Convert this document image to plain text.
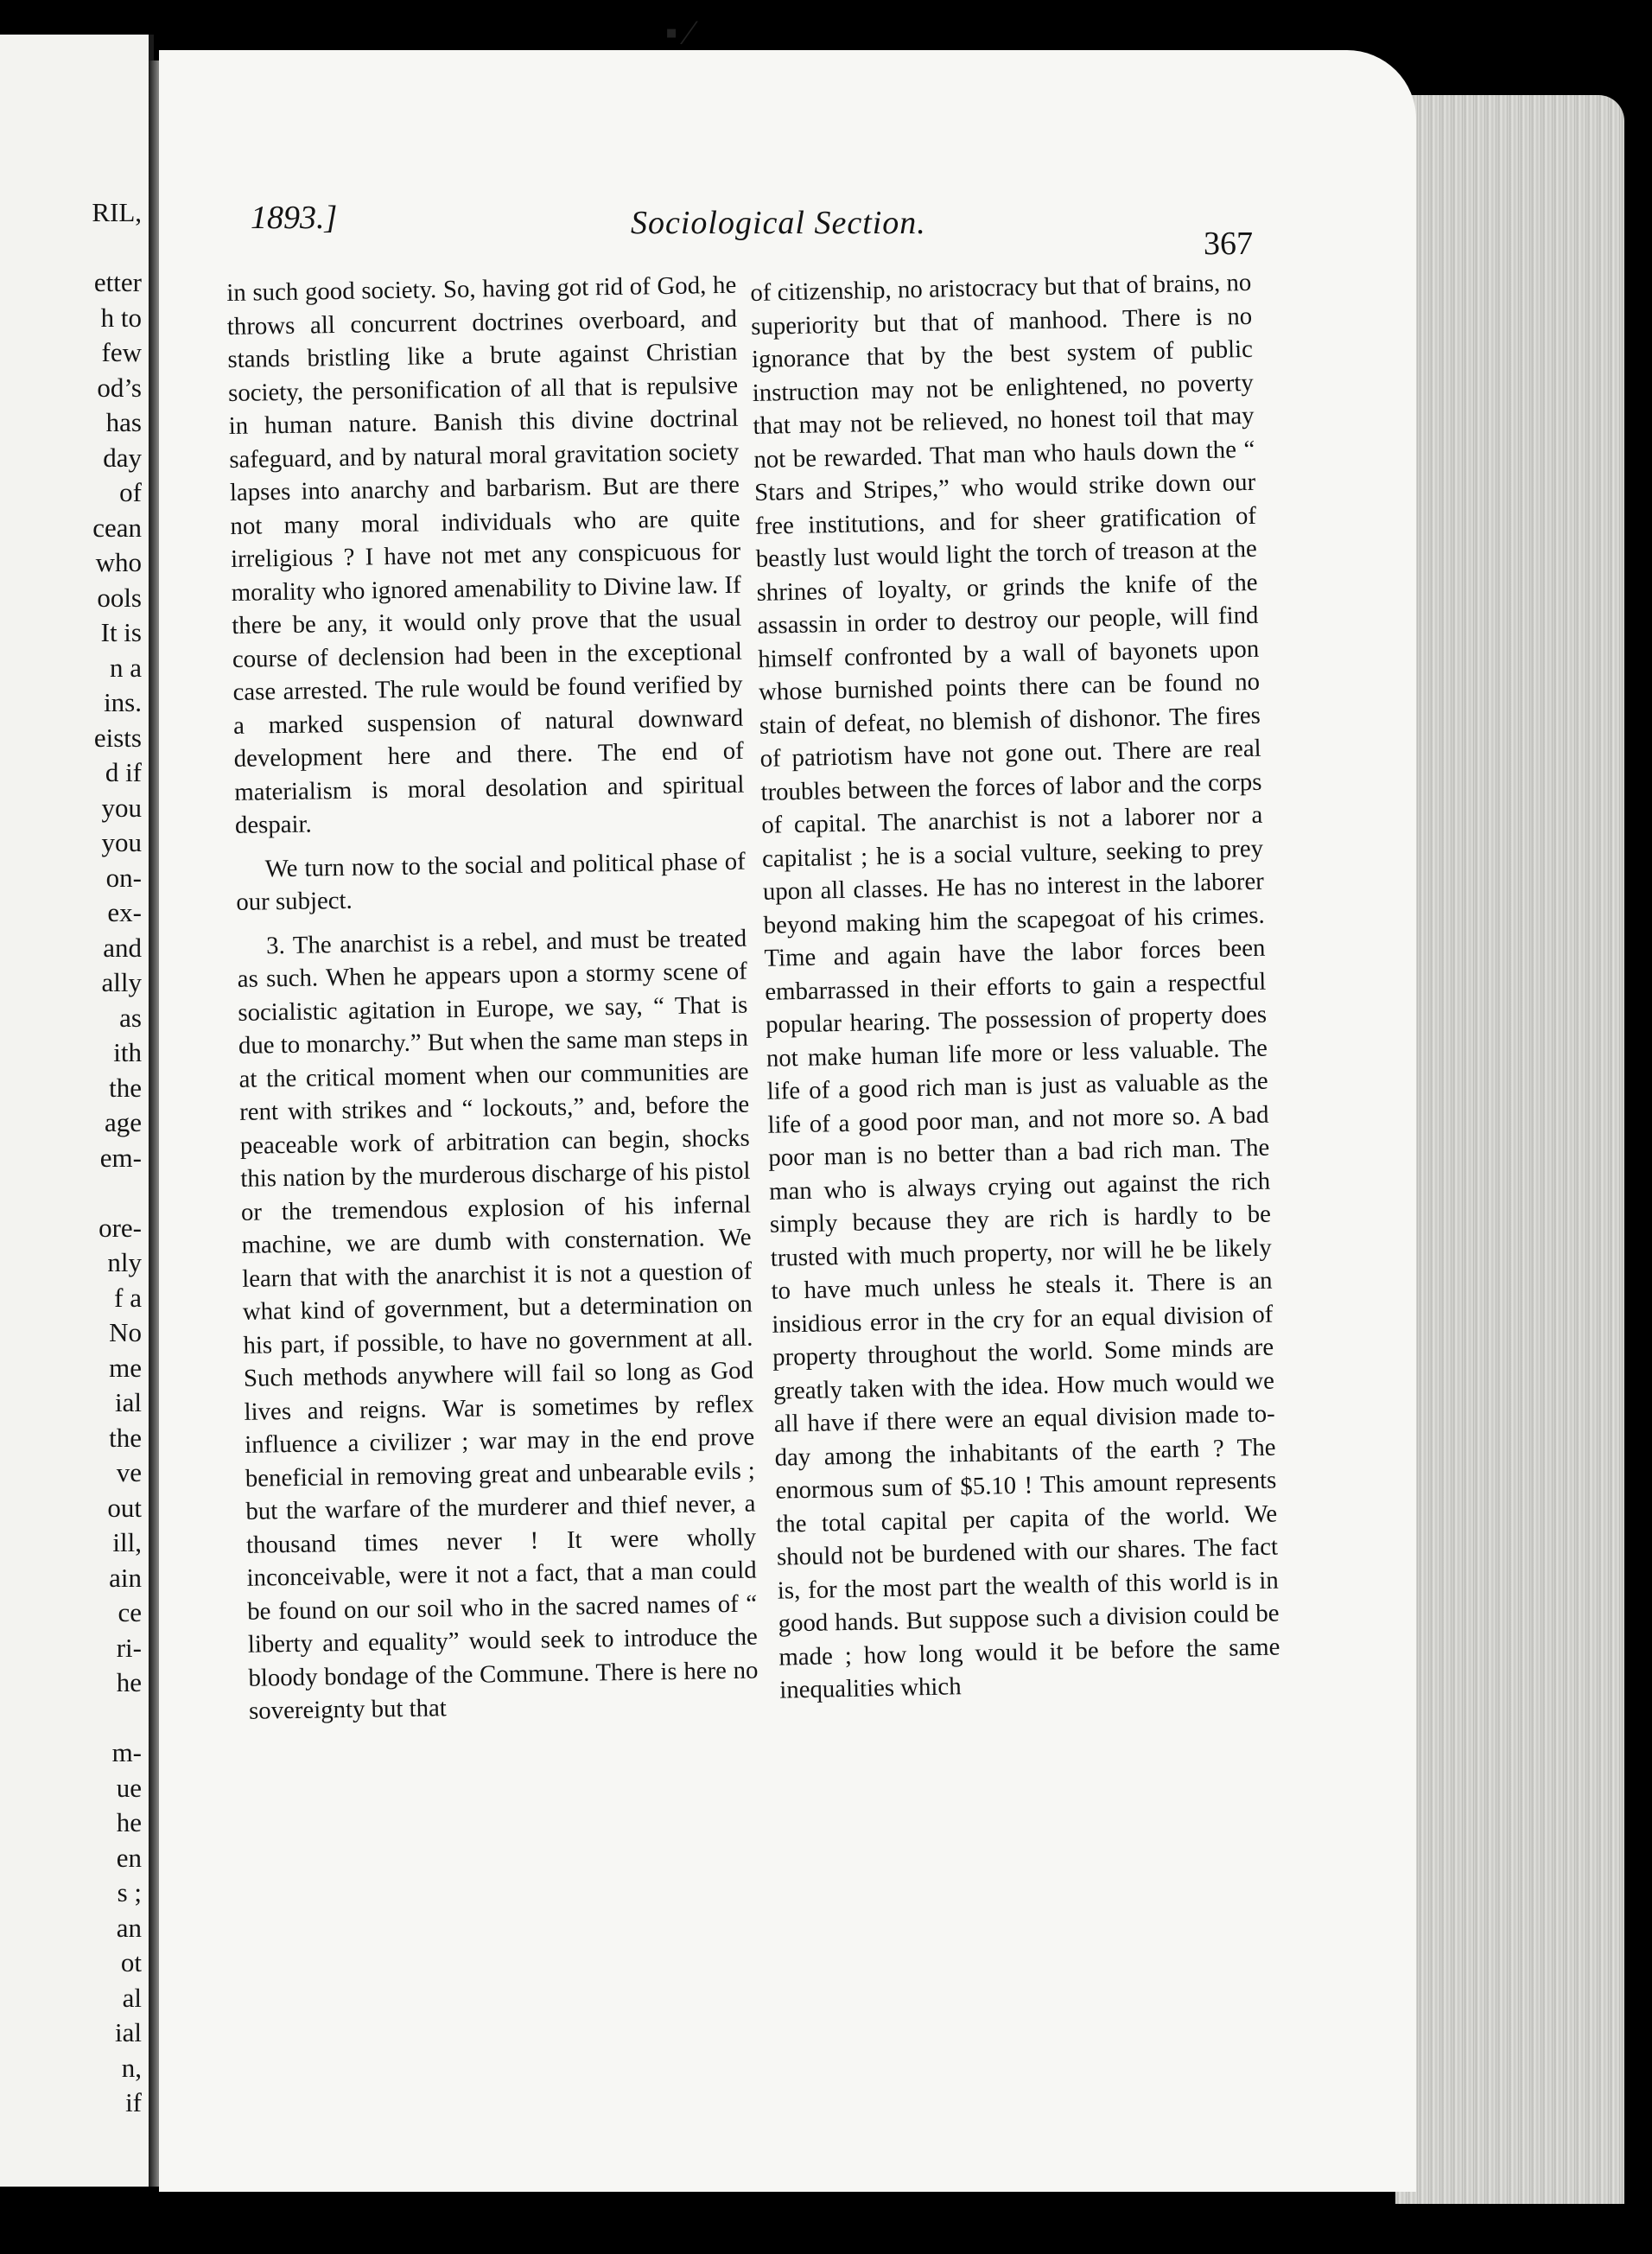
RIL,
etter
h to
few
od’s
has
day
of
cean
who
ools
It is
n a
ins.
eists
d if
you
you
on-
ex-
and
ally
as
ith
the
age
em-
ore-
nly
f a
No
me
ial
the
ve
out
ill,
ain
ce
ri-
he
m-
ue
he
en
s ;
an
ot
al
ial
n,
if
▪ ⁄
1893.]	Sociological Section.
367

in such good society. So, having got rid of God, he throws all concurrent doctrines overboard, and stands bristling like a brute against Christian society, the personification of all that is repulsive in human nature. Banish this divine doctrinal safeguard, and by natural moral gravitation society lapses into anarchy and barbarism. But are there not many moral individuals who are quite irreligious ? I have not met any conspicuous for morality who ignored amenability to Divine law. If there be any, it would only prove that the usual course of declension had been in the exceptional case arrested. The rule would be found verified by a marked suspension of natural downward development here and there. The end of materialism is moral desolation and spiritual despair.

We turn now to the social and political phase of our subject.

3. The anarchist is a rebel, and must be treated as such. When he appears upon a stormy scene of socialistic agitation in Europe, we say, “ That is due to monarchy.” But when the same man steps in at the critical moment when our communities are rent with strikes and “ lockouts,” and, before the peaceable work of arbitration can begin, shocks this nation by the murderous discharge of his pistol or the tremendous explosion of his infernal machine, we are dumb with consternation. We learn that with the anarchist it is not a question of what kind of government, but a determination on his part, if possible, to have no government at all. Such methods anywhere will fail so long as God lives and reigns. War is sometimes by reflex influence a civilizer ; war may in the end prove beneficial in removing great and unbearable evils ; but the warfare of the murderer and thief never, a thousand times never ! It were wholly inconceivable, were it not a fact, that a man could be found on our soil who in the sacred names of “ liberty and equality” would seek to introduce the bloody bondage of the Commune. There is here no sovereignty but that

of citizenship, no aristocracy but that of brains, no superiority but that of manhood. There is no ignorance that by the best system of public instruction may not be enlightened, no poverty that may not be relieved, no honest toil that may not be rewarded. That man who hauls down the “ Stars and Stripes,” who would strike down our free institutions, and for sheer gratification of beastly lust would light the torch of treason at the shrines of loyalty, or grinds the knife of the assassin in order to destroy our people, will find himself confronted by a wall of bayonets upon whose burnished points there can be found no stain of defeat, no blemish of dishonor. The fires of patriotism have not gone out. There are real troubles between the forces of labor and the corps of capital. The anarchist is not a laborer nor a capitalist ; he is a social vulture, seeking to prey upon all classes. He has no interest in the laborer beyond making him the scapegoat of his crimes. Time and again have the labor forces been embarrassed in their efforts to gain a respectful popular hearing. The possession of property does not make human life more or less valuable. The life of a good rich man is just as valuable as the life of a good poor man, and not more so. A bad poor man is no better than a bad rich man. The man who is always crying out against the rich simply because they are rich is hardly to be trusted with much property, nor will he be likely to have much unless he steals it. There is an insidious error in the cry for an equal division of property throughout the world. Some minds are greatly taken with the idea. How much would we all have if there were an equal division made to-day among the inhabitants of the earth ? The enormous sum of $5.10 ! This amount represents the total capital per capita of the world. We should not be burdened with our shares. The fact is, for the most part the wealth of this world is in good hands. But suppose such a division could be made ; how long would it be before the same inequalities which
